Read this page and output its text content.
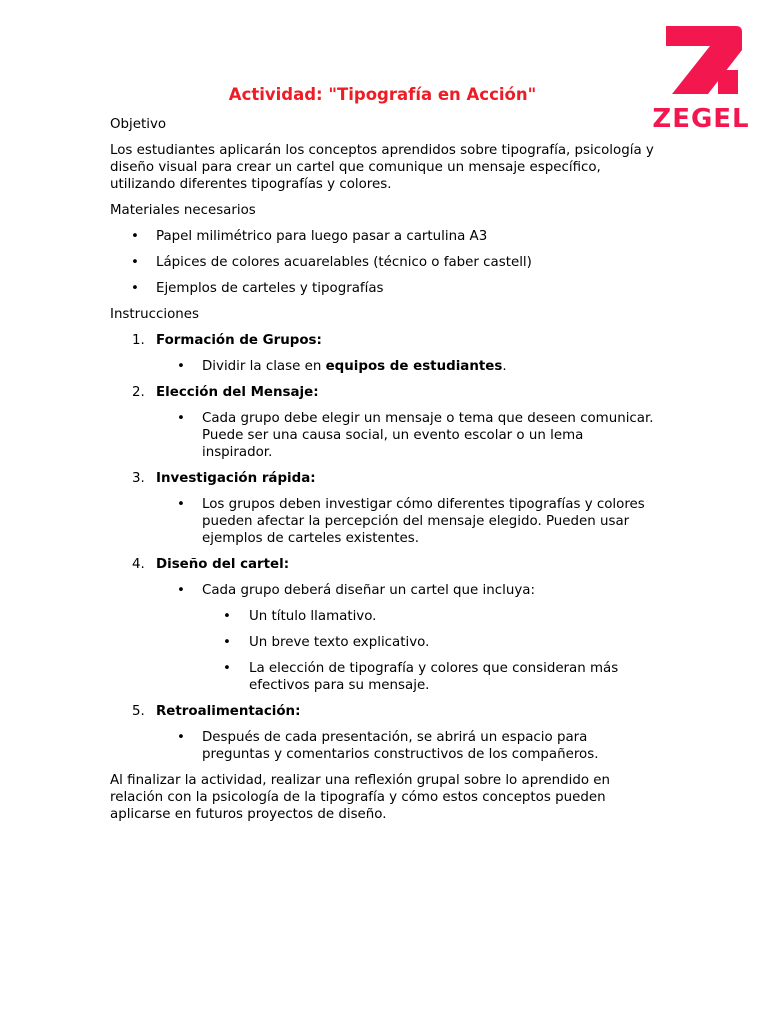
ZEGEL
Actividad: "Tipografía en Acción"

Objetivo

Los estudiantes aplicarán los conceptos aprendidos sobre tipografía, psicología y diseño visual para crear un cartel que comunique un mensaje específico, utilizando diferentes tipografías y colores.

Materiales necesarios

• Papel milimétrico para luego pasar a cartulina A3
• Lápices de colores acuarelables (técnico o faber castell)
• Ejemplos de carteles y tipografías

Instrucciones

1. Formación de Grupos:
• Dividir la clase en equipos de estudiantes.
2. Elección del Mensaje:
• Cada grupo debe elegir un mensaje o tema que deseen comunicar. Puede ser una causa social, un evento escolar o un lema inspirador.
3. Investigación rápida:
• Los grupos deben investigar cómo diferentes tipografías y colores pueden afectar la percepción del mensaje elegido. Pueden usar ejemplos de carteles existentes.
4. Diseño del cartel:
• Cada grupo deberá diseñar un cartel que incluya:
• Un título llamativo.
• Un breve texto explicativo.
• La elección de tipografía y colores que consideran más efectivos para su mensaje.
5. Retroalimentación:
• Después de cada presentación, se abrirá un espacio para preguntas y comentarios constructivos de los compañeros.

Al finalizar la actividad, realizar una reflexión grupal sobre lo aprendido en relación con la psicología de la tipografía y cómo estos conceptos pueden aplicarse en futuros proyectos de diseño.
